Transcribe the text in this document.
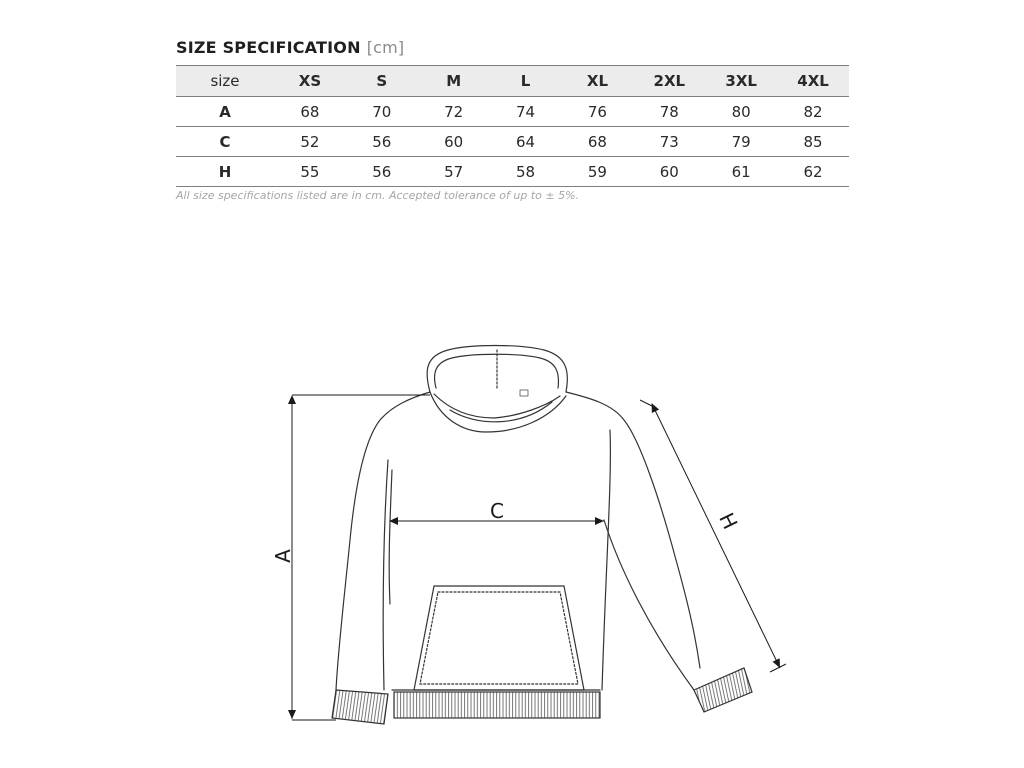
SIZE SPECIFICATION [cm]
size	XS	S	M	L	XL	2XL	3XL	4XL
A	68	70	72	74	76	78	80	82
C	52	56	60	64	68	73	79	85
H	55	56	57	58	59	60	61	62
All size specifications listed are in cm. Accepted tolerance of up to ± 5%.
A
C	H
